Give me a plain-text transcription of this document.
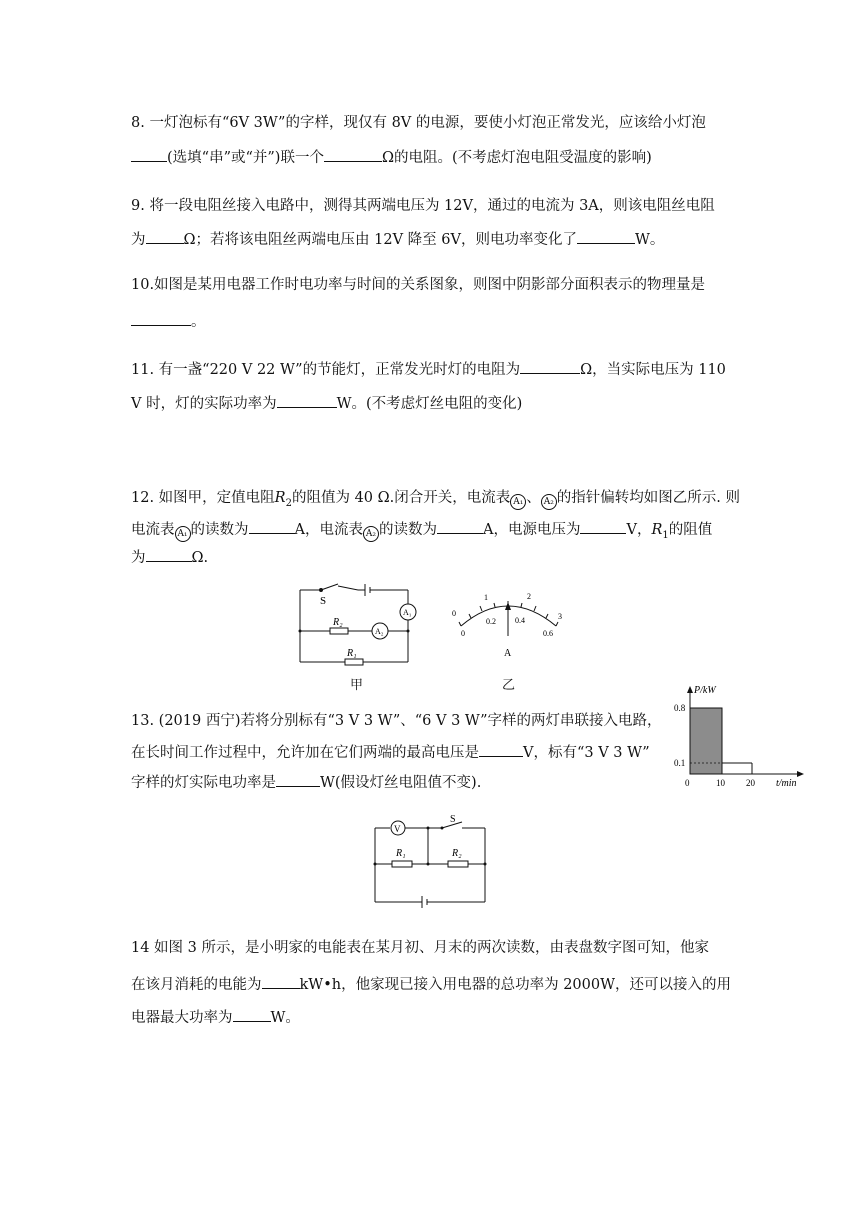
8. 一灯泡标有“6V 3W”的字样，现仅有 8V 的电源，要使小灯泡正常发光，应该给小灯泡
(选填“串”或“并”)联一个	Ω的电阻。(不考虑灯泡电阻受温度的影响)
9. 将一段电阻丝接入电路中，测得其两端电压为 12V，通过的电流为 3A，则该电阻丝电阻
为	Ω；若将该电阻丝两端电压由 12V 降至 6V，则电功率变化了	W。
10.如图是某用电器工作时电功率与时间的关系图象，则图中阴影部分面积表示的物理量是
。
11. 有一盏“220 V 22 W”的节能灯，正常发光时灯的电阻为	Ω，当实际电压为 110
V 时，灯的实际功率为	W。(不考虑灯丝电阻的变化)
12. 如图甲，定值电阻$R_2$的阻值为 40 Ω.闭合开关，电流表 A₁ 、 A₂ 的指针偏转均如图乙所示. 则
电流表 A₁ 的读数为	A，电流表 A₂ 的读数为	A，电源电压为	V，$R_1$的阻值
为	Ω.
S
A₁
A₂
R₂
R₁
甲
0
1	2
3
0
0.2 0.4
0.6
A
乙
13. (2019 西宁)若将分别标有“3 V 3 W”、“6 V 3 W”字样的两灯串联接入电路，
在长时间工作过程中，允许加在它们两端的最高电压是	V，标有“3 V 3 W”
字样的灯实际电功率是	W(假设灯丝电阻值不变).
P/kW
t/min
0.8
0.1
0	10 20
V
S
R₁	R₂
14 如图 3 所示，是小明家的电能表在某月初、月末的两次读数，由表盘数字图可知，他家
在该月消耗的电能为	kW•h，他家现已接入用电器的总功率为 2000W，还可以接入的用
电器最大功率为	W。
